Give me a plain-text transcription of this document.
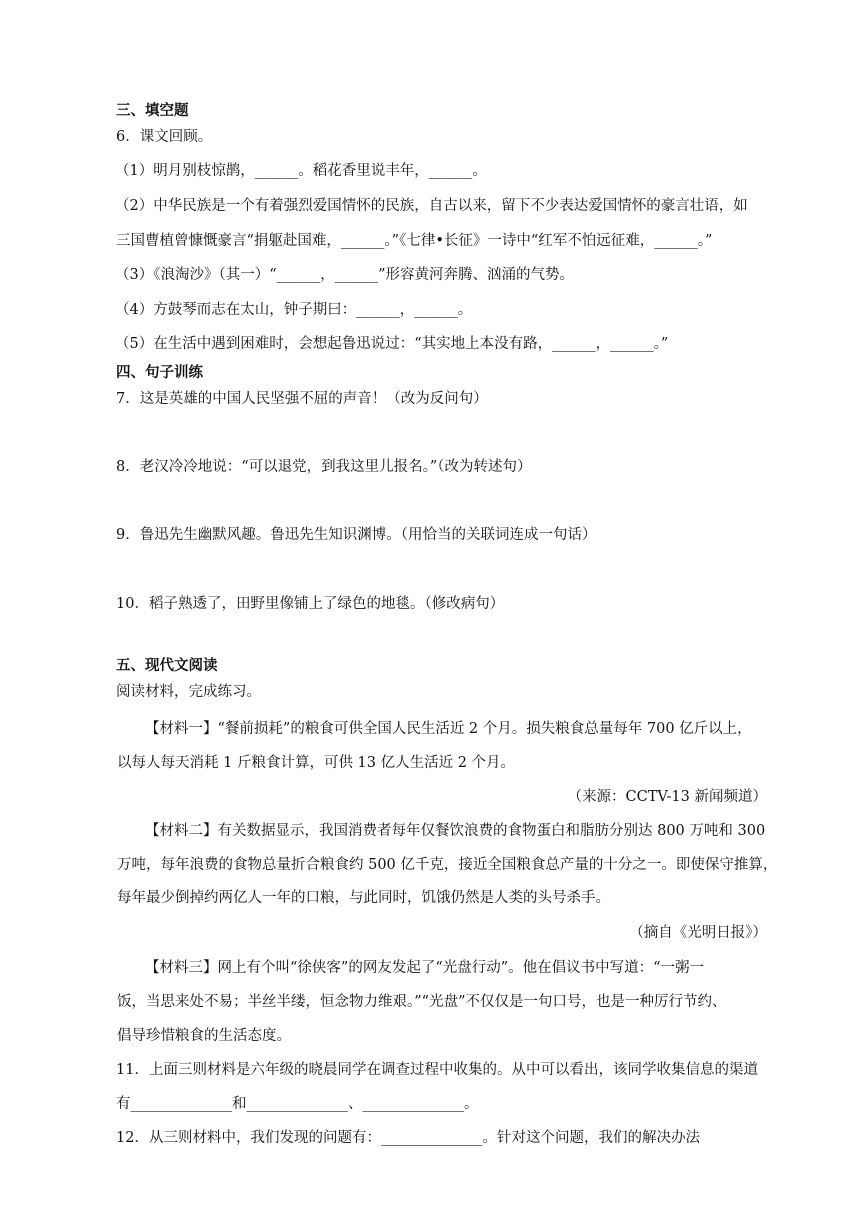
三、填空题
6．课文回顾。
（1）明月别枝惊鹊，______。稻花香里说丰年，______。
（2）中华民族是一个有着强烈爱国情怀的民族，自古以来，留下不少表达爱国情怀的豪言壮语，如
三国曹植曾慷慨豪言“捐躯赴国难，______。”《七律•长征》一诗中“红军不怕远征难，______。”
（3）《浪淘沙》（其一）“______，______”形容黄河奔腾、汹涌的气势。
（4）方鼓琴而志在太山，钟子期曰：______，______。
（5）在生活中遇到困难时，会想起鲁迅说过：“其实地上本没有路，______，______。”
四、句子训练
7．这是英雄的中国人民坚强不屈的声音！（改为反问句）
8．老汉冷冷地说：“可以退党，到我这里儿报名。”（改为转述句）
9．鲁迅先生幽默风趣。鲁迅先生知识渊博。（用恰当的关联词连成一句话）
10．稻子熟透了，田野里像铺上了绿色的地毯。（修改病句）
五、现代文阅读
阅读材料，完成练习。
【材料一】“餐前损耗”的粮食可供全国人民生活近 2 个月。损失粮食总量每年 700 亿斤以上，
以每人每天消耗 1 斤粮食计算，可供 13 亿人生活近 2 个月。
（来源：CCTV-13 新闻频道）
【材料二】有关数据显示，我国消费者每年仅餐饮浪费的食物蛋白和脂肪分别达 800 万吨和 300
万吨，每年浪费的食物总量折合粮食约 500 亿千克，接近全国粮食总产量的十分之一。即使保守推算，
每年最少倒掉约两亿人一年的口粮，与此同时，饥饿仍然是人类的头号杀手。
（摘自《光明日报》）
【材料三】网上有个叫“徐侠客”的网友发起了“光盘行动”。他在倡议书中写道：“一粥一
饭，当思来处不易；半丝半缕，恒念物力维艰。”“光盘”不仅仅是一句口号，也是一种厉行节约、
倡导珍惜粮食的生活态度。
11．上面三则材料是六年级的晓晨同学在调查过程中收集的。从中可以看出，该同学收集信息的渠道
有______________和______________、______________。
12．从三则材料中，我们发现的问题有：______________。针对这个问题，我们的解决办法
